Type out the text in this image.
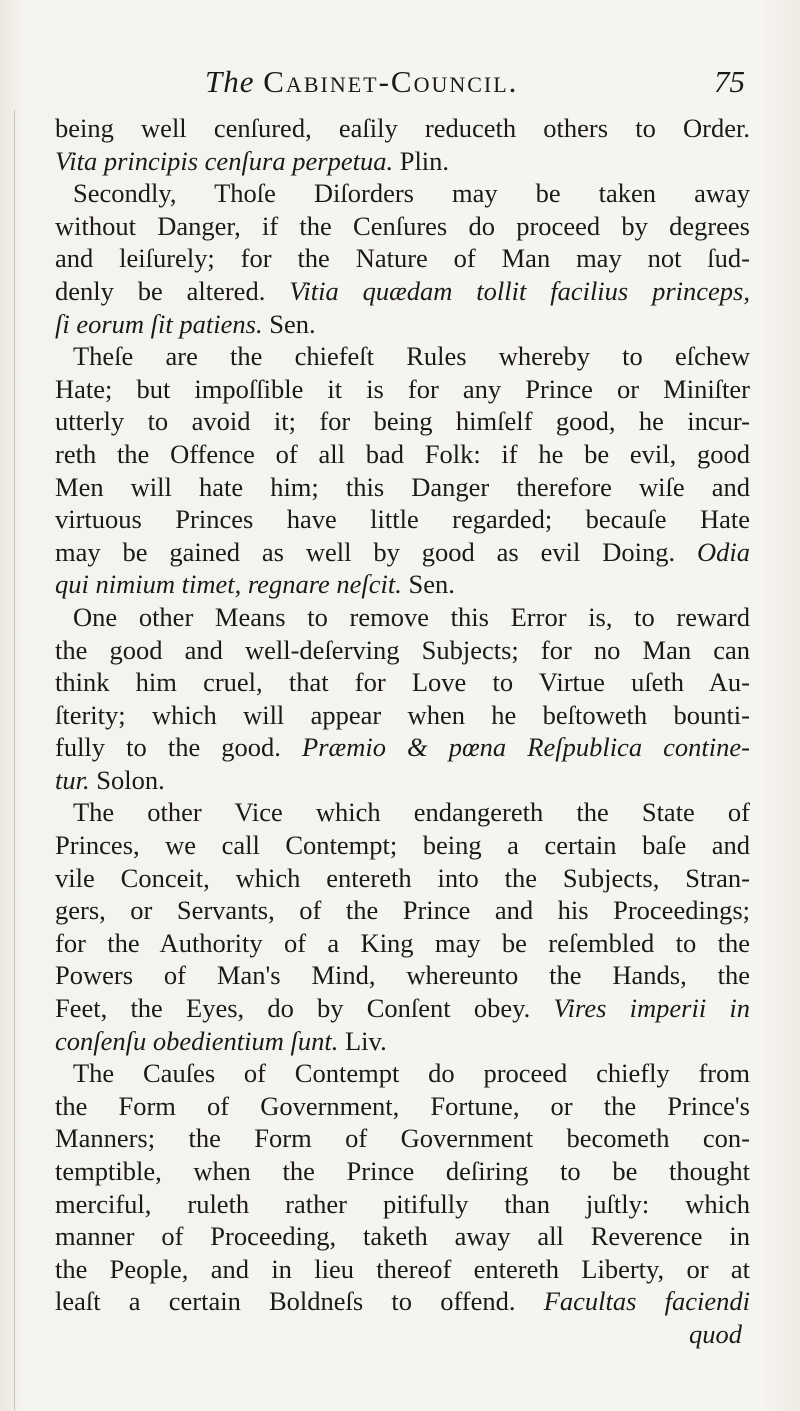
The Cabinet-Council.	75
being well cenſured, eaſily reduceth others to Order.
Vita principis cenſura perpetua. Plin.
Secondly, Thoſe Diſorders may be taken away
without Danger, if the Cenſures do proceed by degrees
and leiſurely; for the Nature of Man may not ſud-
denly be altered. Vitia quædam tollit facilius princeps,
ſi eorum ſit patiens. Sen.
Theſe are the chiefeſt Rules whereby to eſchew
Hate; but impoſſible it is for any Prince or Miniſter
utterly to avoid it; for being himſelf good, he incur-
reth the Offence of all bad Folk: if he be evil, good
Men will hate him; this Danger therefore wiſe and
virtuous Princes have little regarded; becauſe Hate
may be gained as well by good as evil Doing. Odia
qui nimium timet, regnare neſcit. Sen.
One other Means to remove this Error is, to reward
the good and well-deſerving Subjects; for no Man can
think him cruel, that for Love to Virtue uſeth Au-
ſterity; which will appear when he beſtoweth bounti-
fully to the good. Præmio & pœna Reſpublica contine-
tur. Solon.
The other Vice which endangereth the State of
Princes, we call Contempt; being a certain baſe and
vile Conceit, which entereth into the Subjects, Stran-
gers, or Servants, of the Prince and his Proceedings;
for the Authority of a King may be reſembled to the
Powers of Man's Mind, whereunto the Hands, the
Feet, the Eyes, do by Conſent obey. Vires imperii in
conſenſu obedientium ſunt. Liv.
The Cauſes of Contempt do proceed chiefly from
the Form of Government, Fortune, or the Prince's
Manners; the Form of Government becometh con-
temptible, when the Prince deſiring to be thought
merciful, ruleth rather pitifully than juſtly: which
manner of Proceeding, taketh away all Reverence in
the People, and in lieu thereof entereth Liberty, or at
leaſt a certain Boldneſs to offend. Facultas faciendi
quod
